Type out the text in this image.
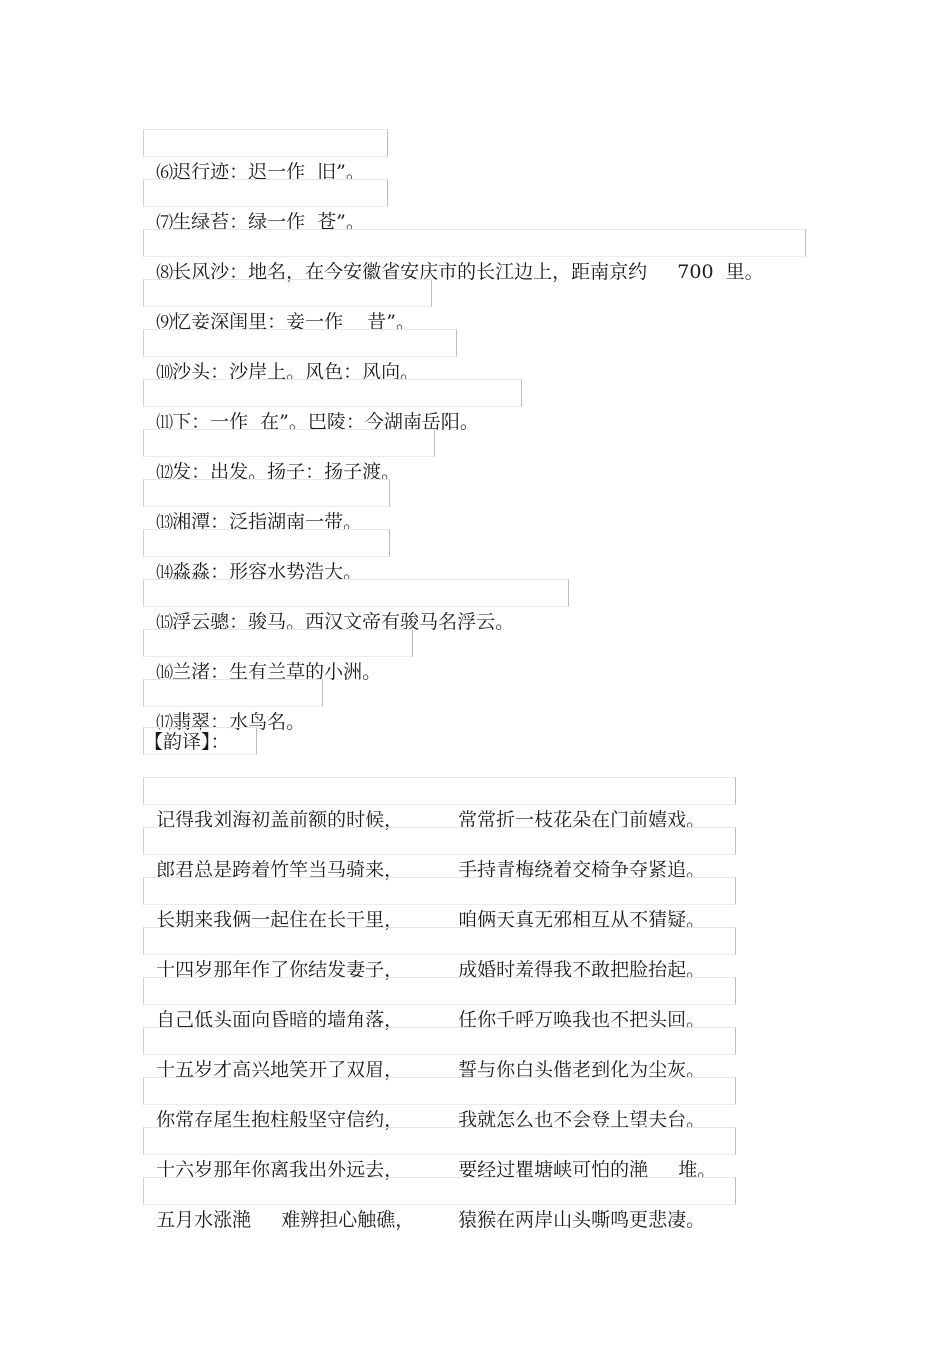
⑹迟行迹：迟一作  旧”。

⑺生绿苔：绿一作  苍”。

⑻长风沙：地名，在今安徽省安庆市的长江边上，距南京约     700  里。

⑼忆妾深闺里：妾一作    昔”。

⑽沙头：沙岸上。风色：风向。

⑾下：一作  在”。巴陵：今湖南岳阳。

⑿发：出发。扬子：扬子渡。

⒀湘潭：泛指湖南一带。

⒁淼淼：形容水势浩大。

⒂浮云骢：骏马。西汉文帝有骏马名浮云。

⒃兰渚：生有兰草的小洲。

⒄翡翠：水鸟名。

【韵译】：

记得我刘海初盖前额的时候，	常常折一枝花朵在门前嬉戏。

郎君总是跨着竹竿当马骑来，	手持青梅绕着交椅争夺紧追。

长期来我俩一起住在长干里，	咱俩天真无邪相互从不猜疑。

十四岁那年作了你结发妻子，	成婚时羞得我不敢把脸抬起。

自己低头面向昏暗的墙角落，	任你千呼万唤我也不把头回。

十五岁才高兴地笑开了双眉，	誓与你白头偕老到化为尘灰。

你常存尾生抱柱般坚守信约，	我就怎么也不会登上望夫台。

十六岁那年你离我出外远去，	要经过瞿塘峡可怕的滟     堆。

五月水涨滟     难辨担心触礁， 猿猴在两岸山头嘶鸣更悲凄。
